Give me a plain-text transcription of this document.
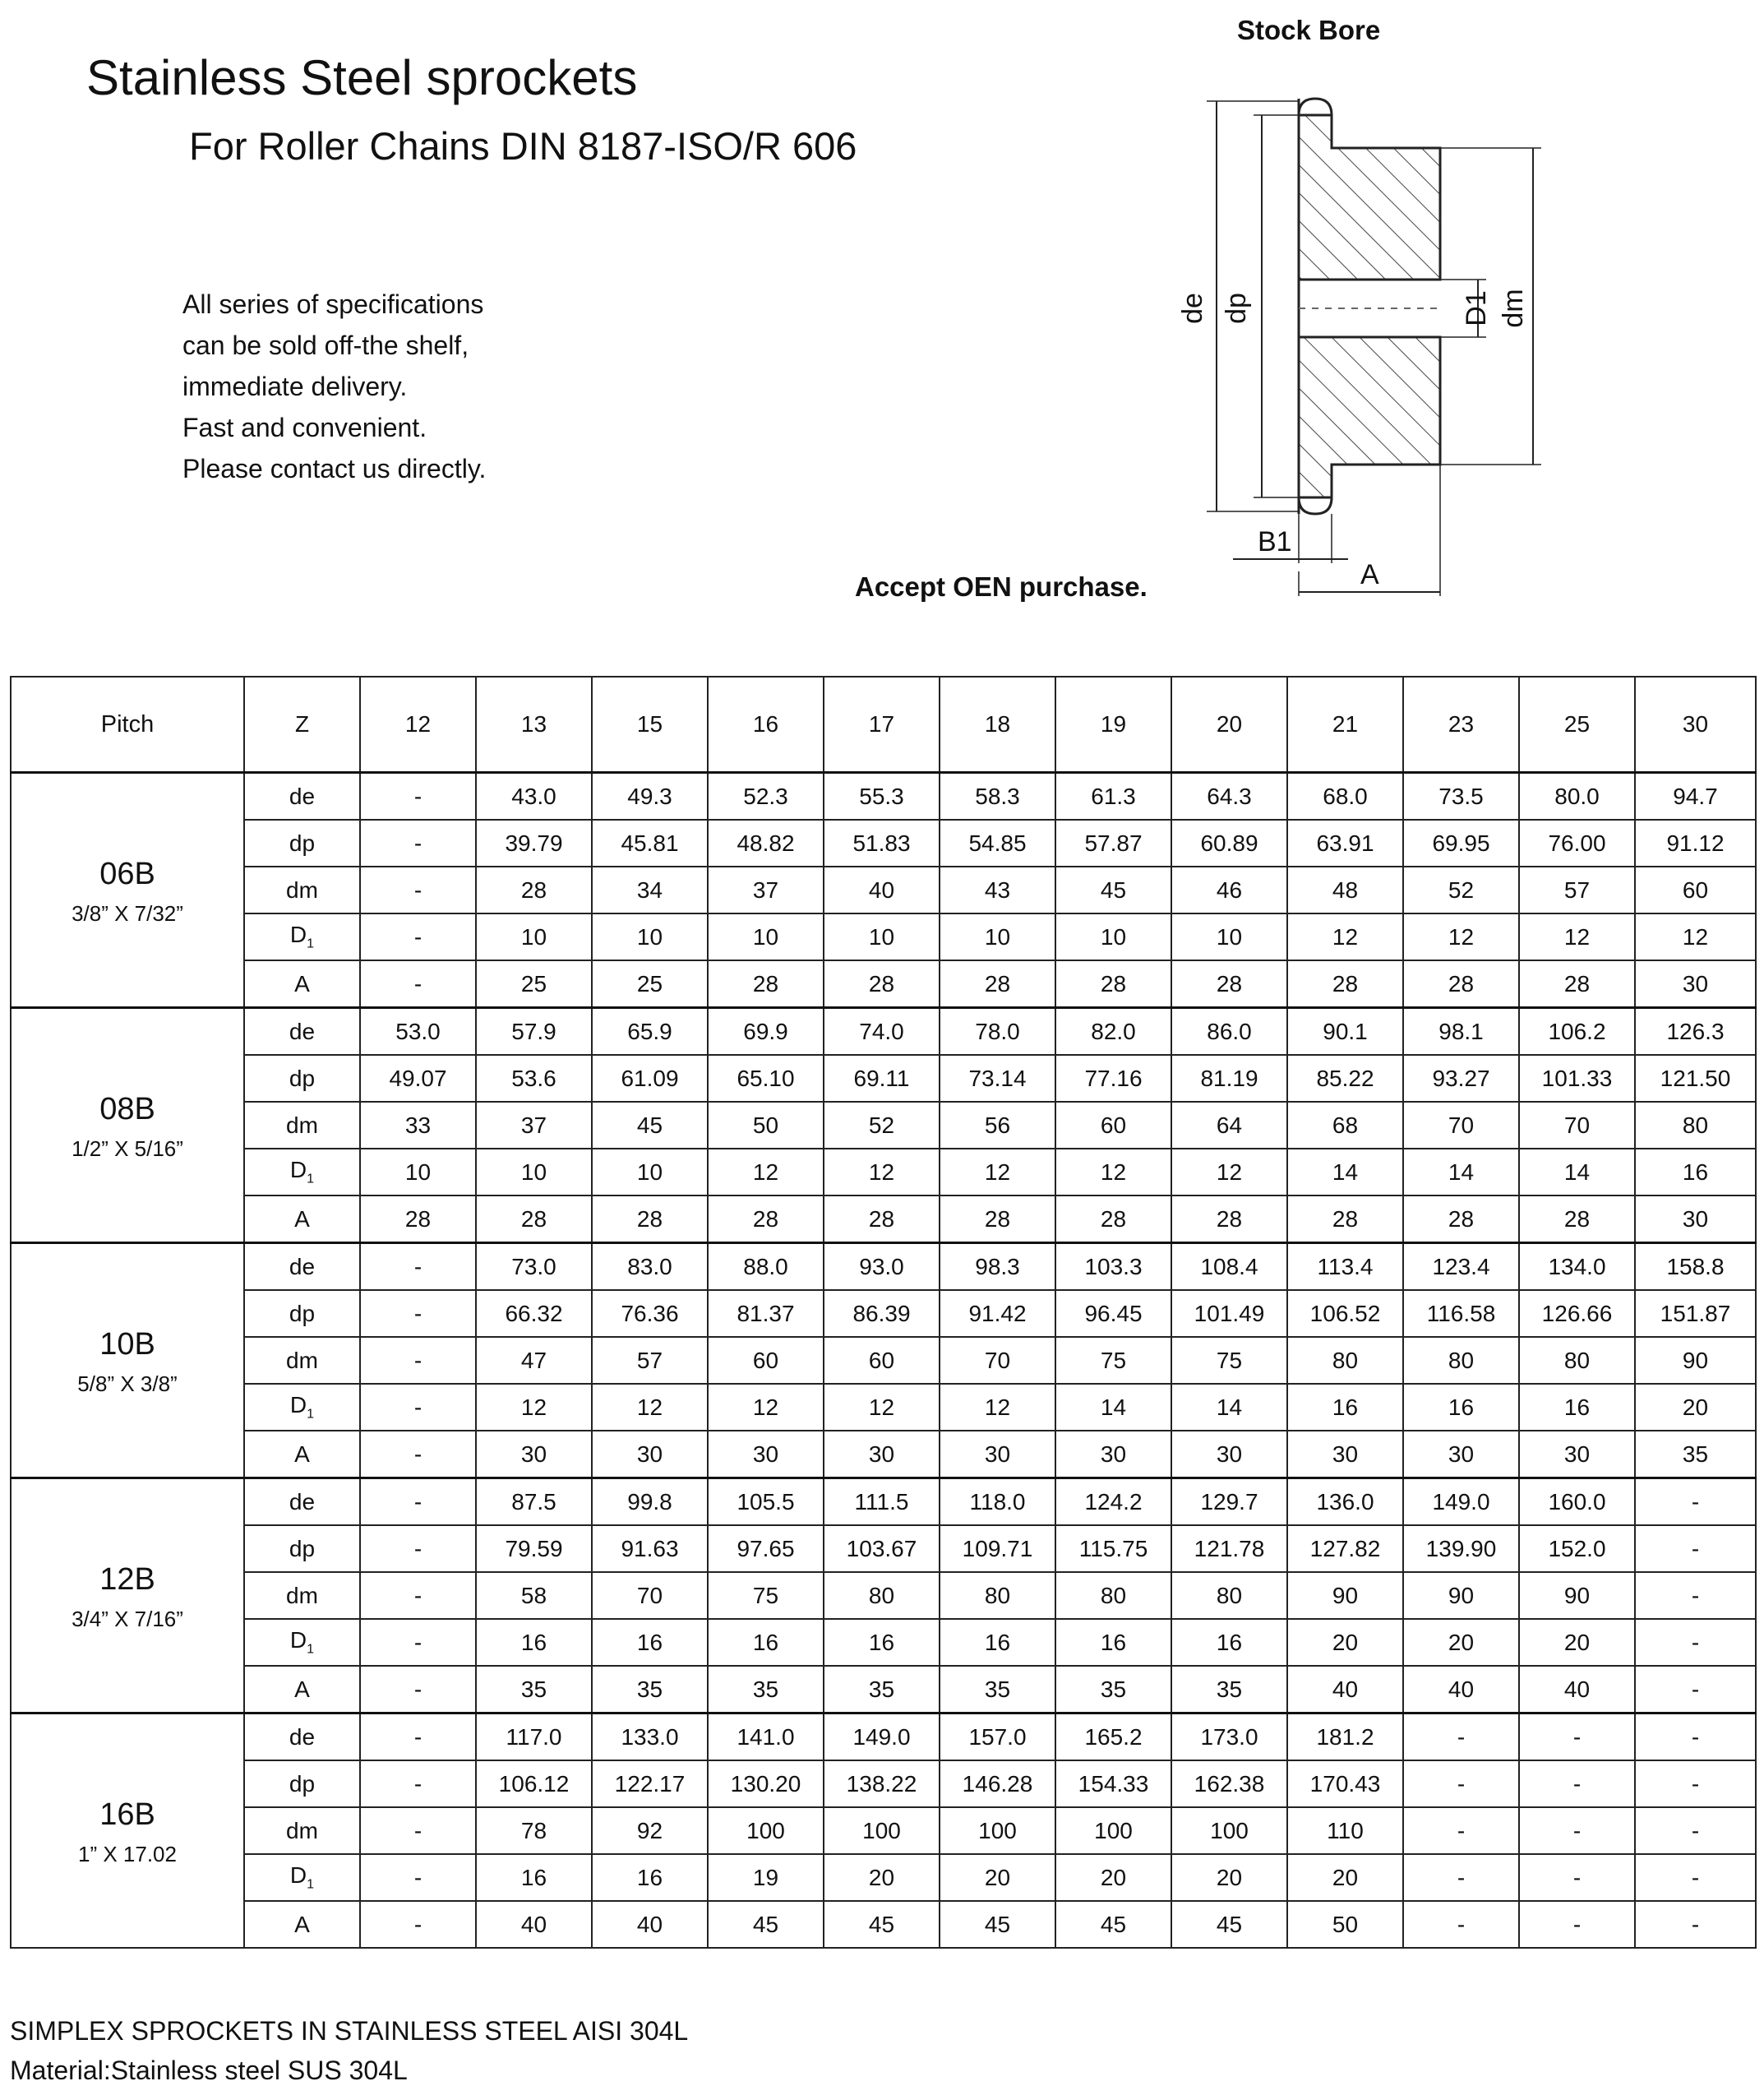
Stainless Steel sprockets
For Roller Chains DIN 8187-ISO/R 606
All series of specifications
can be sold off-the shelf,
immediate delivery.
Fast and convenient.
Please contact us directly.
Stock Bore
de dp	D1 dm
B1
A
Accept OEN purchase.
Pitch	Z	12	13	15	16	17	18	19	20	21	23	25	30

06B
3/8” X 7/32”	de	-	43.0	49.3	52.3	55.3	58.3	61.3	64.3	68.0	73.5	80.0	94.7
	dp	-	39.79	45.81	48.82	51.83	54.85	57.87	60.89	63.91	69.95	76.00	91.12
	dm	-	28	34	37	40	43	45	46	48	52	57	60
	$D_1$	-	10	10	10	10	10	10	10	12	12	12	12
	A	-	25	25	28	28	28	28	28	28	28	28	30

08B
1/2” X 5/16”	de	53.0	57.9	65.9	69.9	74.0	78.0	82.0	86.0	90.1	98.1	106.2	126.3
	dp	49.07	53.6	61.09	65.10	69.11	73.14	77.16	81.19	85.22	93.27	101.33	121.50
	dm	33	37	45	50	52	56	60	64	68	70	70	80
	$D_1$	10	10	10	12	12	12	12	12	14	14	14	16
	A	28	28	28	28	28	28	28	28	28	28	28	30

10B
5/8” X 3/8”	de	-	73.0	83.0	88.0	93.0	98.3	103.3	108.4	113.4	123.4	134.0	158.8
	dp	-	66.32	76.36	81.37	86.39	91.42	96.45	101.49	106.52	116.58	126.66	151.87
	dm	-	47	57	60	60	70	75	75	80	80	80	90
	$D_1$	-	12	12	12	12	12	14	14	16	16	16	20
	A	-	30	30	30	30	30	30	30	30	30	30	35

12B
3/4” X 7/16”	de	-	87.5	99.8	105.5	111.5	118.0	124.2	129.7	136.0	149.0	160.0	-
	dp	-	79.59	91.63	97.65	103.67	109.71	115.75	121.78	127.82	139.90	152.0	-
	dm	-	58	70	75	80	80	80	80	90	90	90	-
	$D_1$	-	16	16	16	16	16	16	16	20	20	20	-
	A	-	35	35	35	35	35	35	35	40	40	40	-

16B
1” X 17.02	de	-	117.0	133.0	141.0	149.0	157.0	165.2	173.0	181.2	-	-	-
	dp	-	106.12	122.17	130.20	138.22	146.28	154.33	162.38	170.43	-	-	-
	dm	-	78	92	100	100	100	100	100	110	-	-	-
	$D_1$	-	16	16	19	20	20	20	20	20	-	-	-
	A	-	40	40	45	45	45	45	45	50	-	-	-
SIMPLEX SPROCKETS IN STAINLESS STEEL AISI 304L
Material:Stainless steel SUS 304L
